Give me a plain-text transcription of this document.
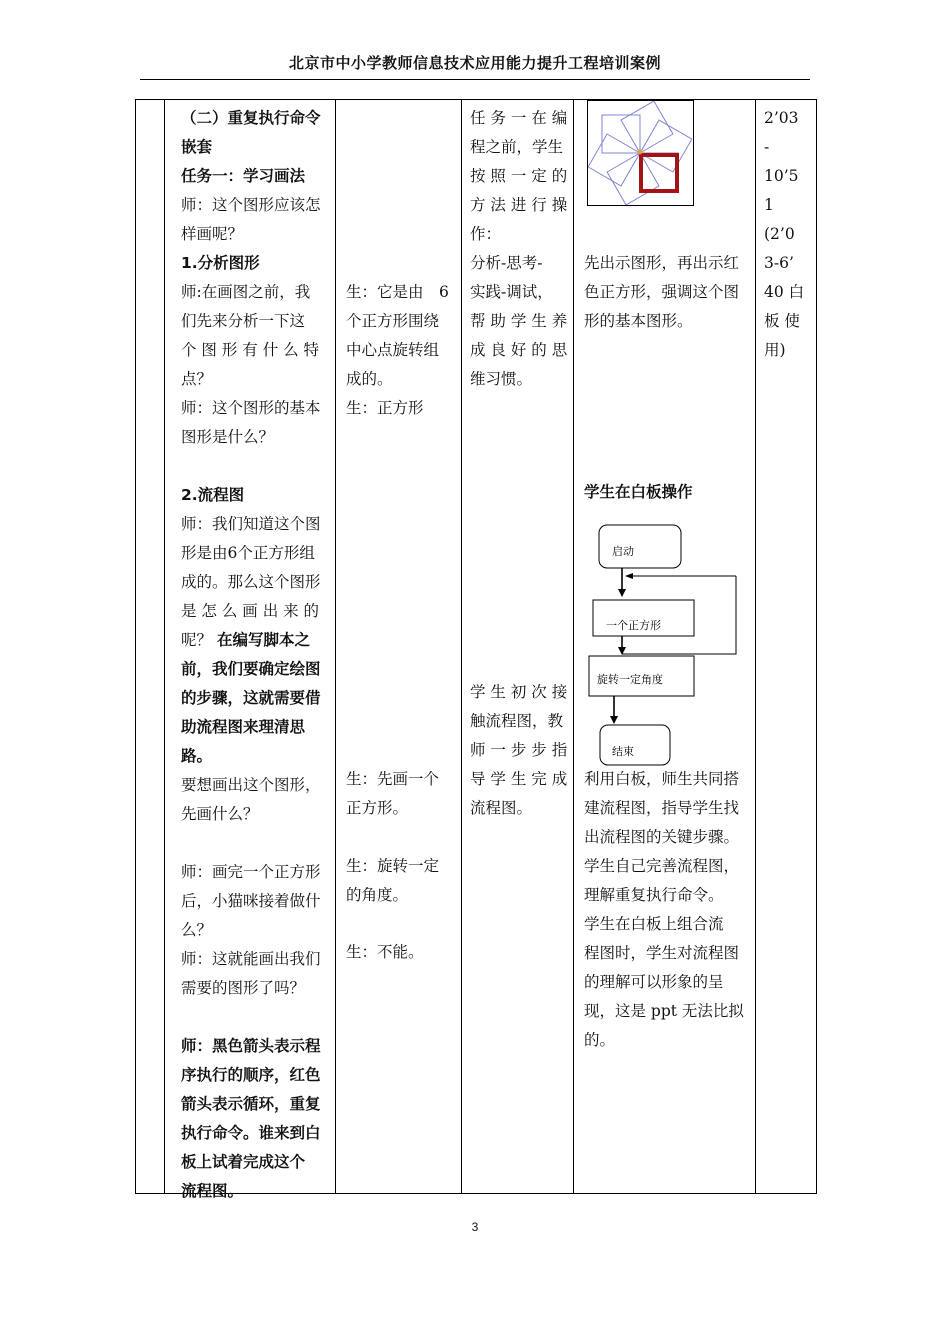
北京市中小学教师信息技术应用能力提升工程培训案例
（二）重复执行命令
嵌套
任务一：学习画法
师：这个图形应该怎
样画呢？
1.分析图形
师:在画图之前，我
们先来分析一下这
个 图 形 有 什 么 特
点？
师：这个图形的基本
图形是什么？

2.流程图
师：我们知道这个图
形是由6个正方形组
成的。那么这个图形
是 怎 么 画 出 来 的
呢？ 在编写脚本之
前，我们要确定绘图
的步骤，这就需要借
助流程图来理清思
路。
要想画出这个图形，
先画什么？

师：画完一个正方形
后，小猫咪接着做什
么？
师：这就能画出我们
需要的图形了吗？

师：黑色箭头表示程
序执行的顺序，红色
箭头表示循环，重复
执行命令。谁来到白
板上试着完成这个
流程图。
生：它是由　6
个正方形围绕
中心点旋转组
成的。
生：正方形
生：先画一个
正方形。
生：旋转一定
的角度。
生：不能。
任 务 一 在 编
程之前，学生
按 照 一 定 的
方 法 进 行 操
作：
分析-思考-
实践-调试，
帮 助 学 生 养
成 良 好 的 思
维习惯。
学 生 初 次 接
触流程图，教
师 一 步 步 指
导 学 生 完 成
流程图。
先出示图形，再出示红
色正方形，强调这个图
形的基本图形。
学生在白板操作
启动
一个正方形
旋转一定角度
结束
利用白板，师生共同搭
建流程图，指导学生找
出流程图的关键步骤。
学生自己完善流程图，
理解重复执行命令。
学生在白板上组合流
程图时，学生对流程图
的理解可以形象的呈
现，这是 ppt 无法比拟
的。
2’03
-
10’5
1
(2’0
3-6’
40 白
板 使
用)
3
